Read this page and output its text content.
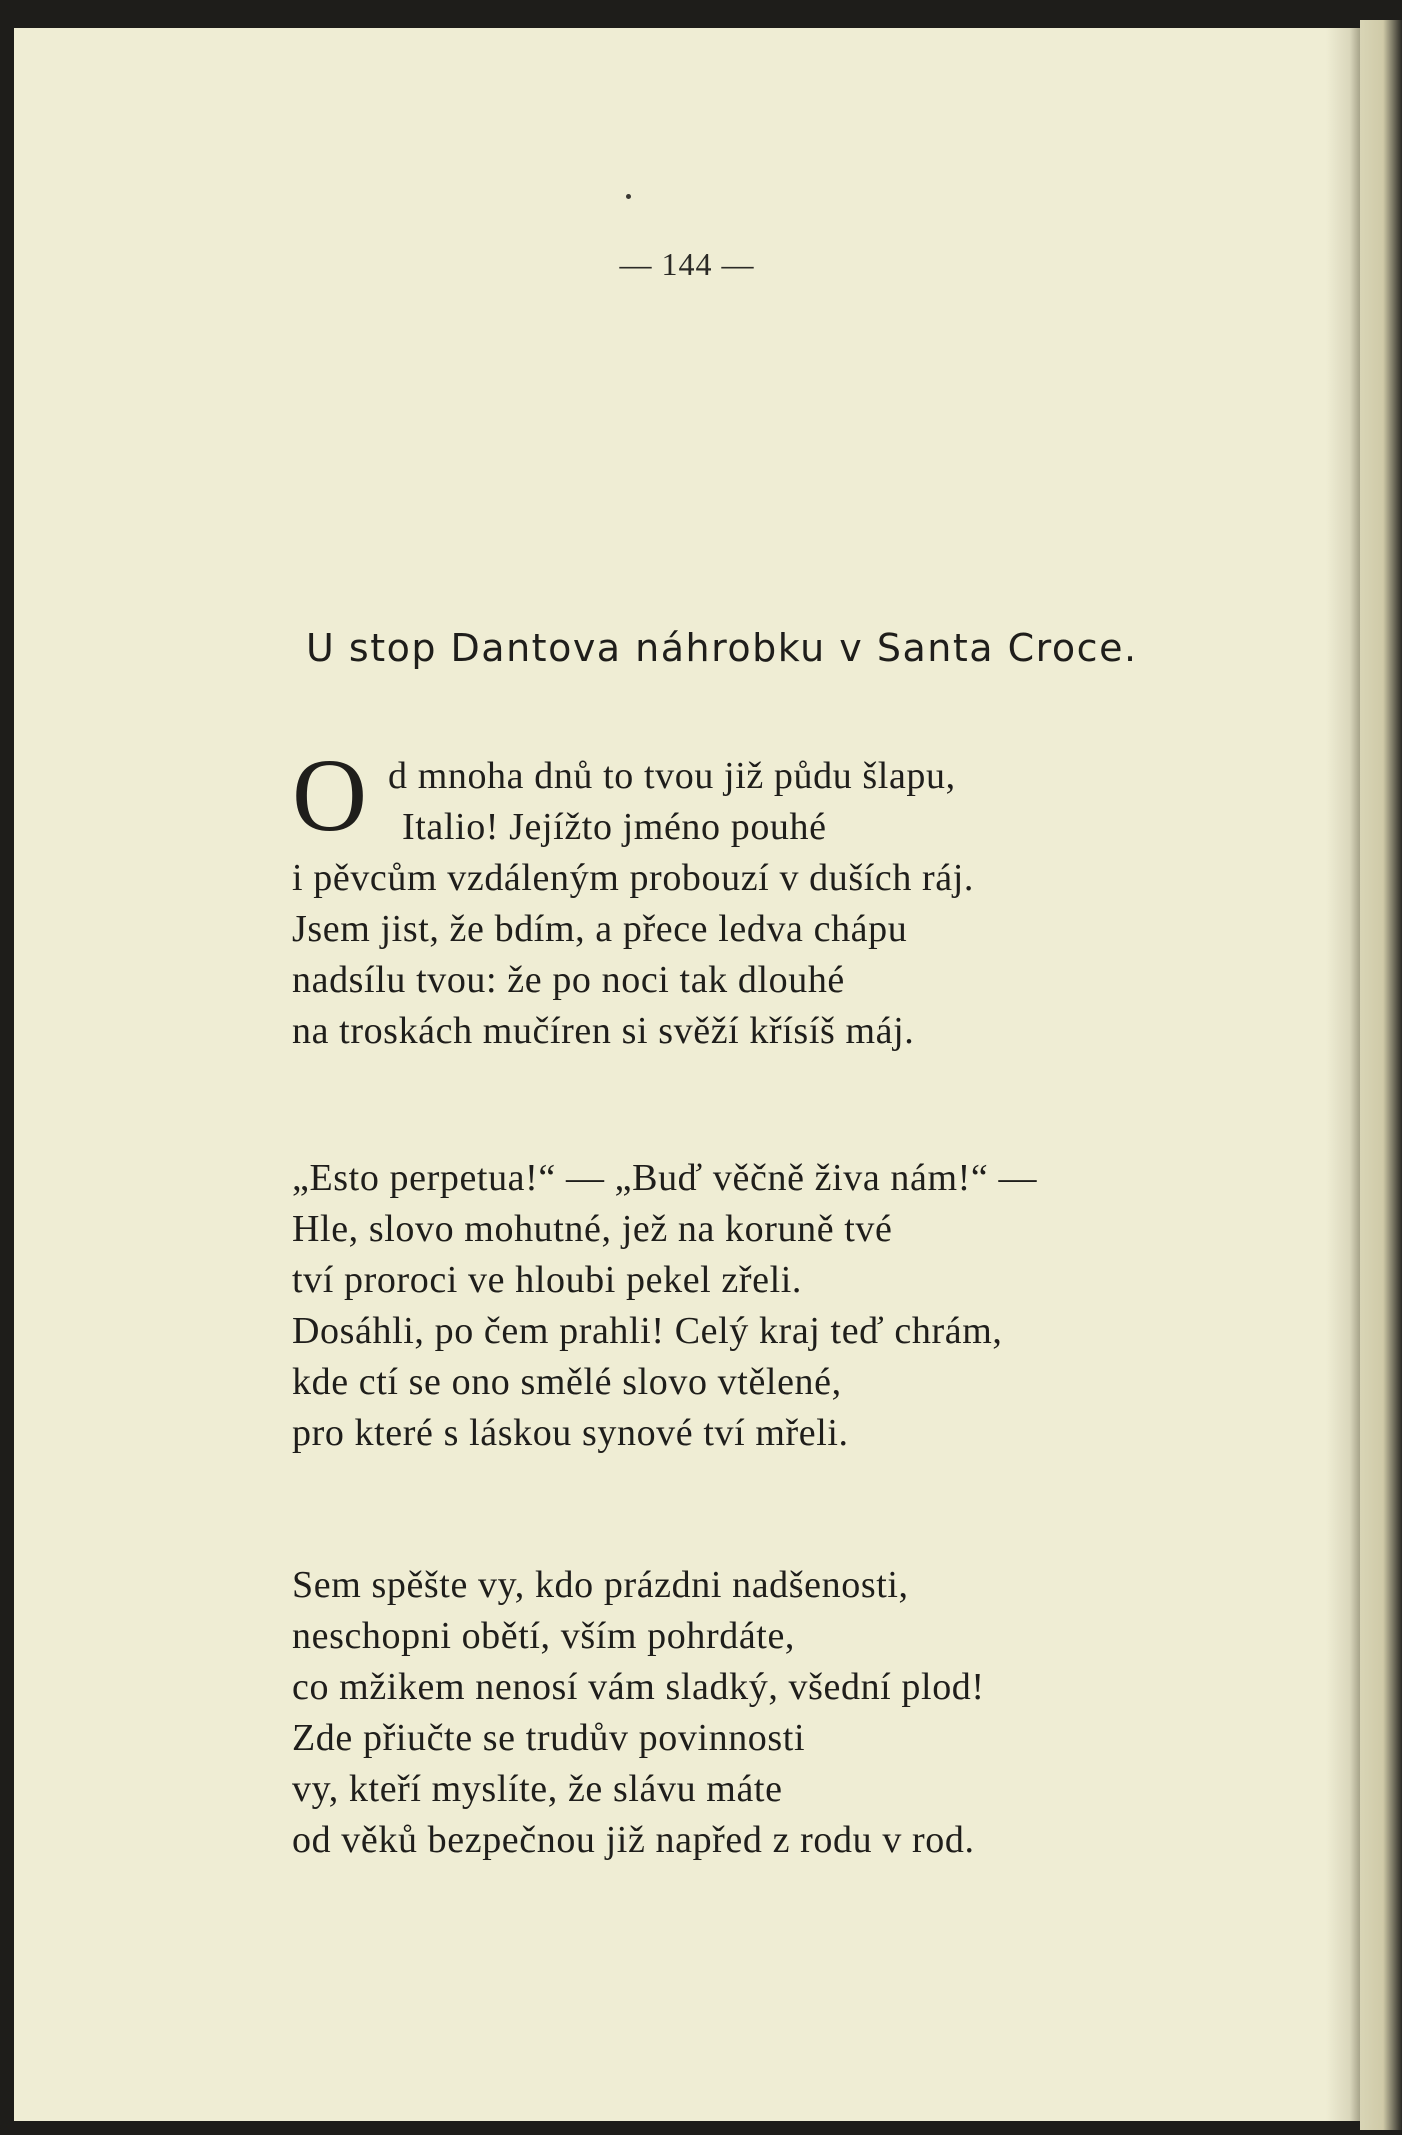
— 144 —
U stop Dantova náhrobku v Santa Croce.
O d mnoha dnů to tvou již půdu šlapu,
Italio! Jejížto jméno pouhé
i pěvcům vzdáleným probouzí v duších ráj.
Jsem jist, že bdím, a přece ledva chápu
nadsílu tvou: že po noci tak dlouhé
na troskách mučíren si svěží křísíš máj.
„Esto perpetua!“ — „Buď věčně živa nám!“ —
Hle, slovo mohutné, jež na koruně tvé
tví proroci ve hloubi pekel zřeli.
Dosáhli, po čem prahli! Celý kraj teď chrám,
kde ctí se ono smělé slovo vtělené,
pro které s láskou synové tví mřeli.
Sem spěšte vy, kdo prázdni nadšenosti,
neschopni obětí, vším pohrdáte,
co mžikem nenosí vám sladký, všední plod!
Zde přiučte se trudův povinnosti
vy, kteří myslíte, že slávu máte
od věků bezpečnou již napřed z rodu v rod.
